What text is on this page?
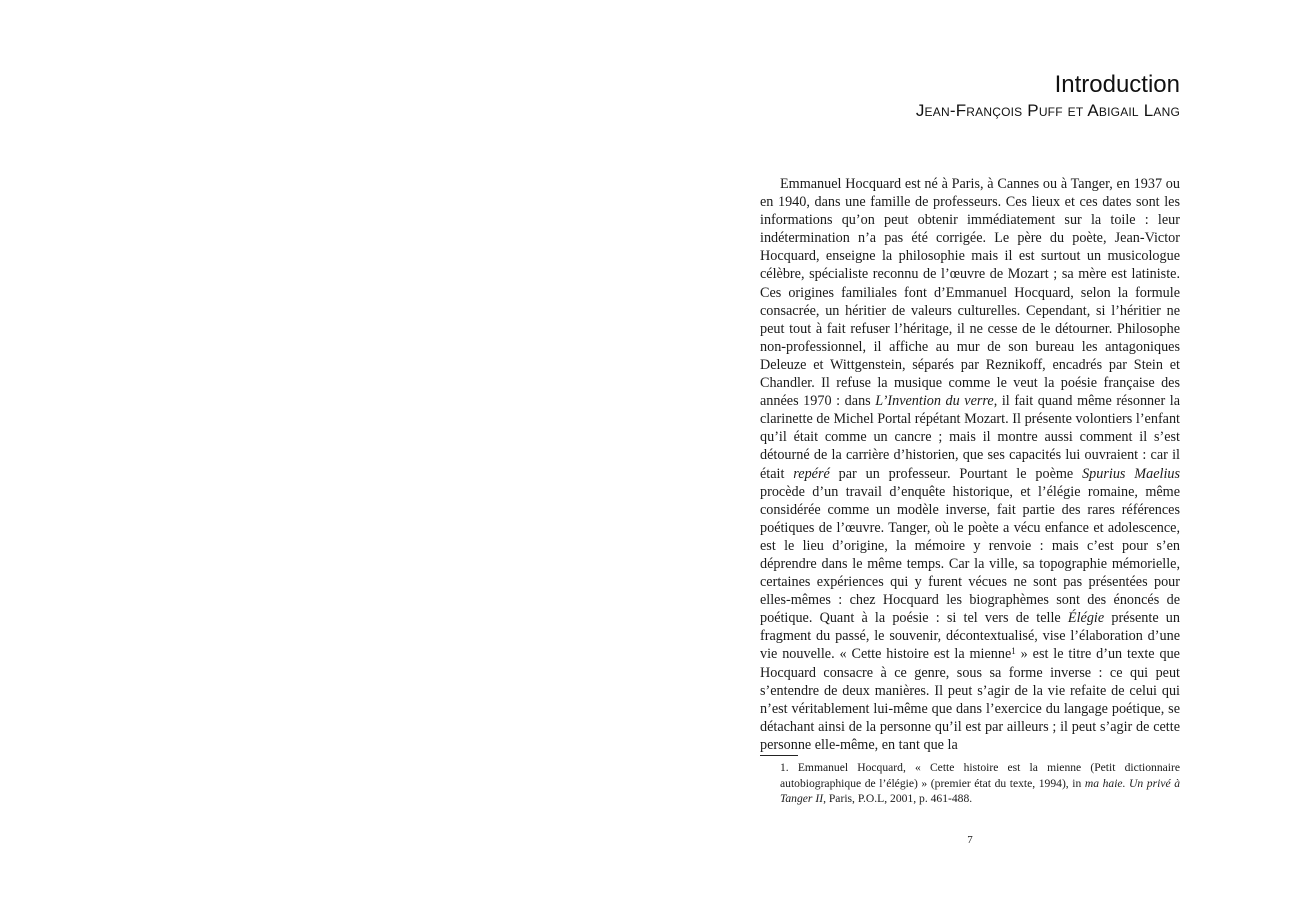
Introduction
Jean-François Puff et Abigail Lang

Emmanuel Hocquard est né à Paris, à Cannes ou à Tanger, en 1937 ou en 1940, dans une famille de professeurs. Ces lieux et ces dates sont les informations qu’on peut obtenir immédiatement sur la toile : leur indétermination n’a pas été corrigée. Le père du poète, Jean-Victor Hocquard, enseigne la philosophie mais il est surtout un musicologue célèbre, spécialiste reconnu de l’œuvre de Mozart ; sa mère est latiniste. Ces origines familiales font d’Emmanuel Hocquard, selon la formule consacrée, un héritier de valeurs culturelles. Cependant, si l’héritier ne peut tout à fait refuser l’héritage, il ne cesse de le détourner. Philosophe non-professionnel, il affiche au mur de son bureau les antagoniques Deleuze et Wittgenstein, séparés par Reznikoff, encadrés par Stein et Chandler. Il refuse la musique comme le veut la poésie française des années 1970 : dans L’Invention du verre, il fait quand même résonner la clarinette de Michel Portal répétant Mozart. Il présente volontiers l’enfant qu’il était comme un cancre ; mais il montre aussi comment il s’est détourné de la carrière d’historien, que ses capacités lui ouvraient : car il était repéré par un professeur. Pourtant le poème Spurius Maelius procède d’un travail d’enquête historique, et l’élégie romaine, même considérée comme un modèle inverse, fait partie des rares références poétiques de l’œuvre. Tanger, où le poète a vécu enfance et adolescence, est le lieu d’origine, la mémoire y renvoie : mais c’est pour s’en déprendre dans le même temps. Car la ville, sa topographie mémorielle, certaines expériences qui y furent vécues ne sont pas présentées pour elles-mêmes : chez Hocquard les biographèmes sont des énoncés de poétique. Quant à la poésie : si tel vers de telle Élégie présente un fragment du passé, le souvenir, décontextualisé, vise l’élaboration d’une vie nouvelle. « Cette histoire est la mienne$^1$ » est le titre d’un texte que Hocquard consacre à ce genre, sous sa forme inverse : ce qui peut s’entendre de deux manières. Il peut s’agir de la vie refaite de celui qui n’est véritablement lui-même que dans l’exercice du langage poétique, se détachant ainsi de la personne qu’il est par ailleurs ; il peut s’agir de cette personne elle-même, en tant que la

1. Emmanuel Hocquard, « Cette histoire est la mienne (Petit dictionnaire autobiographique de l’élégie) » (premier état du texte, 1994), in ma haie. Un privé à Tanger II, Paris, P.O.L, 2001, p. 461-488.
7
